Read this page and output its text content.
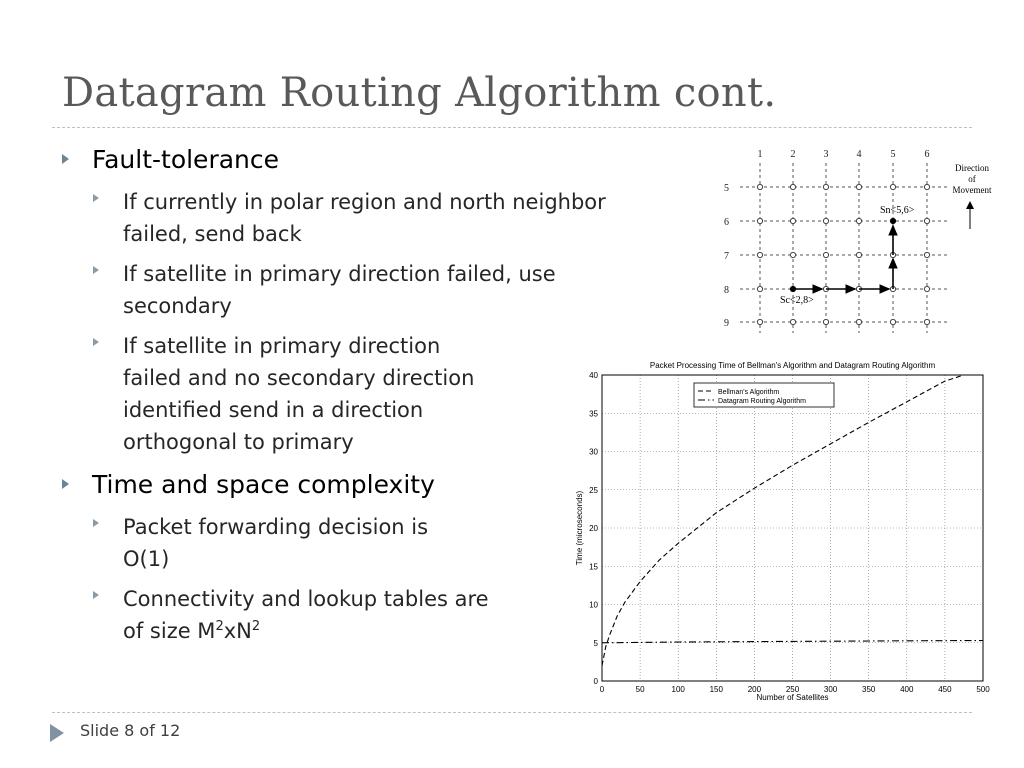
Datagram Routing Algorithm cont.
Fault-tolerance
If currently in polar region and north neighbor
failed, send back
If satellite in primary direction failed, use
secondary
If satellite in primary direction
failed and no secondary direction
identified send in a direction
orthogonal to primary
Time and space complexity
Packet forwarding decision is
O(1)
Connectivity and lookup tables are
of size $M^2xN^2$
1	2	3	4	5	6
5
6
7
8
9
Sc<2,8>
Sn<5,6>
Direction
of
Movement
Packet Processing Time of Bellman's Algorithm and Datagram Routing Algorithm
0	50	100	150	200	250	300	350	400	450	500
0
5
10
15
20
25
30
35
40
Number of Satellites
Time (microseconds)
Bellman's Algorithm
Datagram Routing Algorithm
Slide 8 of 12
